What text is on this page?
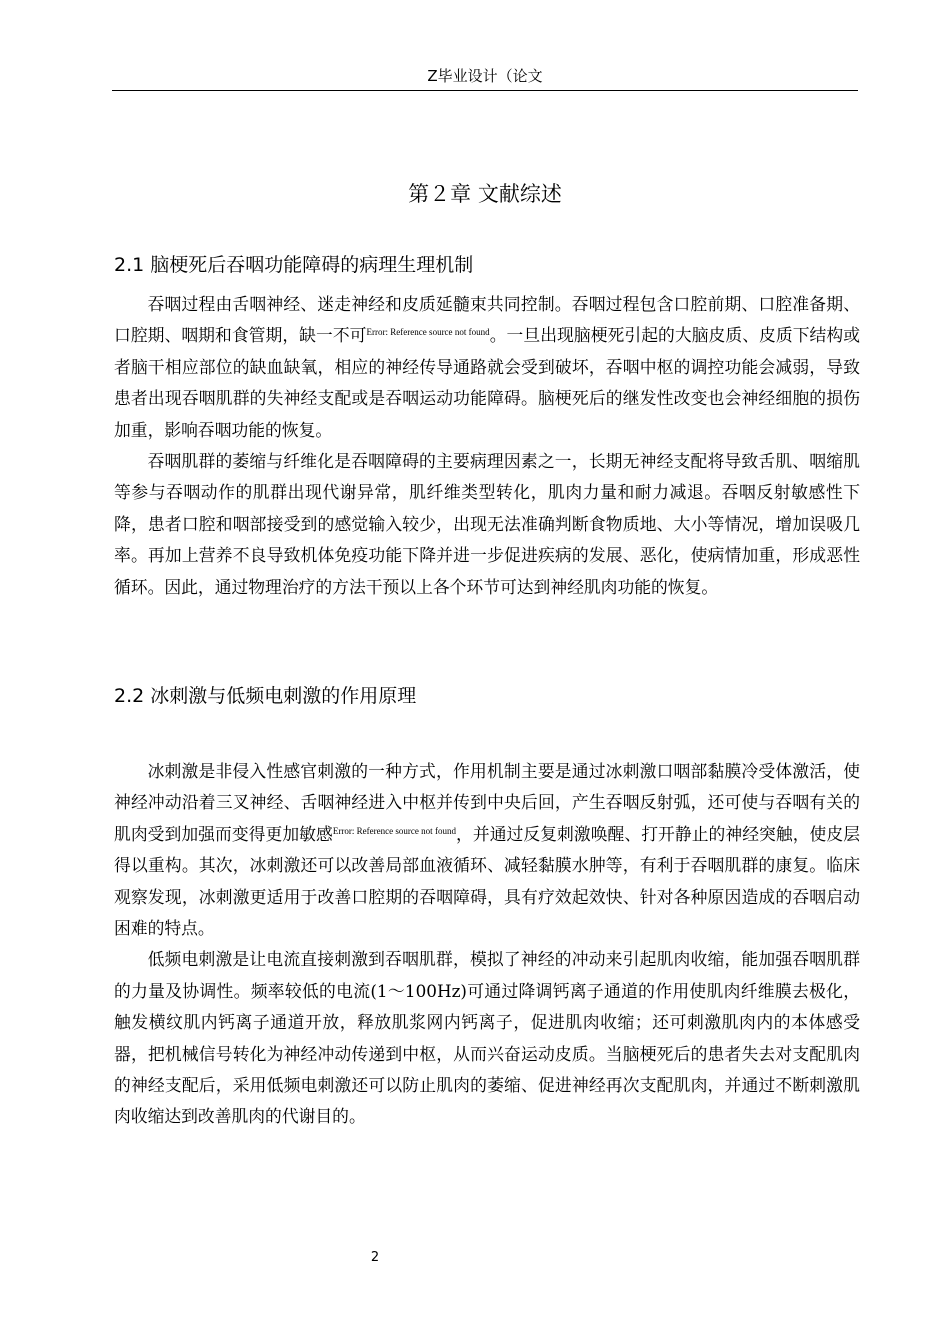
Z毕业设计（论文
第２章 文献综述
2.1 脑梗死后吞咽功能障碍的病理生理机制

吞咽过程由舌咽神经、迷走神经和皮质延髓束共同控制。吞咽过程包含口腔前期、口腔准备期、口腔期、咽期和食管期，缺一不可$^{Error: Reference source not found}$。一旦出现脑梗死引起的大脑皮质、皮质下结构或者脑干相应部位的缺血缺氧，相应的神经传导通路就会受到破坏，吞咽中枢的调控功能会减弱，导致患者出现吞咽肌群的失神经支配或是吞咽运动功能障碍。脑梗死后的继发性改变也会神经细胞的损伤加重，影响吞咽功能的恢复。

吞咽肌群的萎缩与纤维化是吞咽障碍的主要病理因素之一，长期无神经支配将导致舌肌、咽缩肌等参与吞咽动作的肌群出现代谢异常，肌纤维类型转化，肌肉力量和耐力减退。吞咽反射敏感性下降，患者口腔和咽部接受到的感觉输入较少，出现无法准确判断食物质地、大小等情况，增加误吸几率。再加上营养不良导致机体免疫功能下降并进一步促进疾病的发展、恶化，使病情加重，形成恶性循环。因此，通过物理治疗的方法干预以上各个环节可达到神经肌肉功能的恢复。

2.2 冰刺激与低频电刺激的作用原理

冰刺激是非侵入性感官刺激的一种方式，作用机制主要是通过冰刺激口咽部黏膜冷受体激活，使神经冲动沿着三叉神经、舌咽神经进入中枢并传到中央后回，产生吞咽反射弧，还可使与吞咽有关的肌肉受到加强而变得更加敏感$^{Error: Reference source not found}$，并通过反复刺激唤醒、打开静止的神经突触，使皮层得以重构。其次，冰刺激还可以改善局部血液循环、减轻黏膜水肿等，有利于吞咽肌群的康复。临床观察发现，冰刺激更适用于改善口腔期的吞咽障碍，具有疗效起效快、针对各种原因造成的吞咽启动困难的特点。

低频电刺激是让电流直接刺激到吞咽肌群，模拟了神经的冲动来引起肌肉收缩，能加强吞咽肌群的力量及协调性。频率较低的电流(1～100Hz)可通过降调钙离子通道的作用使肌肉纤维膜去极化，触发横纹肌内钙离子通道开放，释放肌浆网内钙离子，促进肌肉收缩；还可刺激肌肉内的本体感受器，把机械信号转化为神经冲动传递到中枢，从而兴奋运动皮质。当脑梗死后的患者失去对支配肌肉的神经支配后，采用低频电刺激还可以防止肌肉的萎缩、促进神经再次支配肌肉，并通过不断刺激肌肉收缩达到改善肌肉的代谢目的。

2
